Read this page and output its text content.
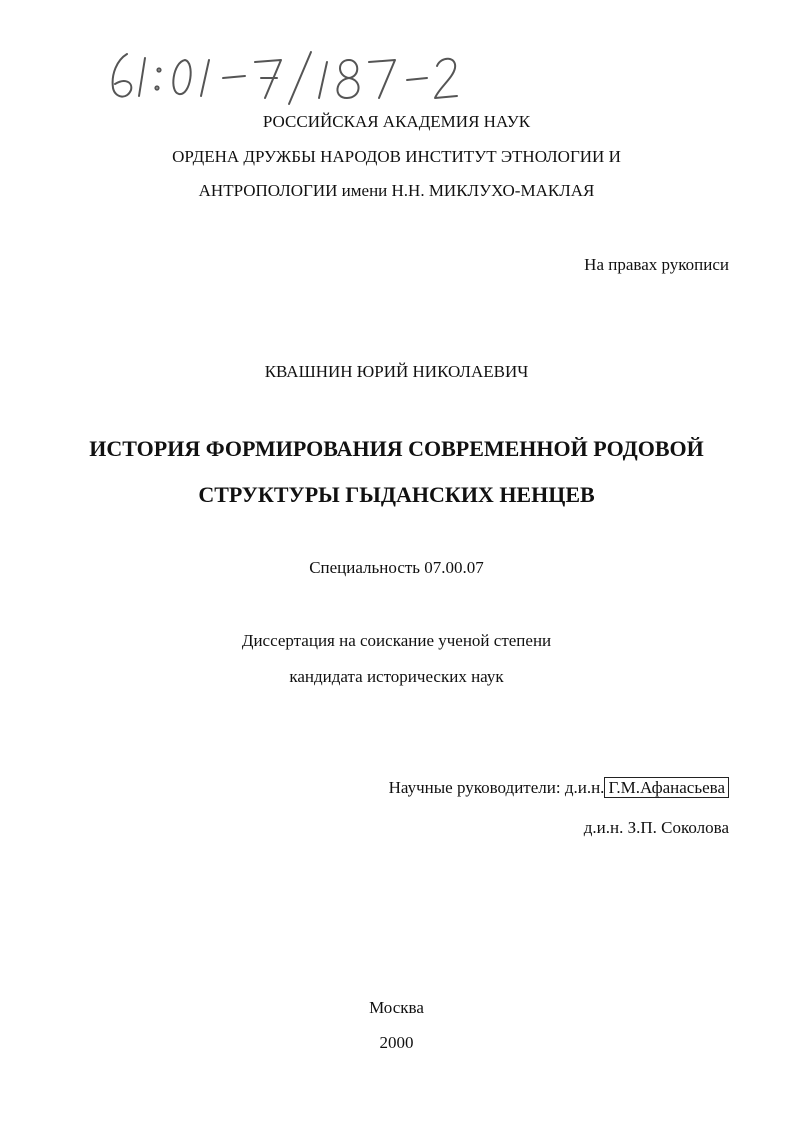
РОССИЙСКАЯ АКАДЕМИЯ НАУК
ОРДЕНА ДРУЖБЫ НАРОДОВ ИНСТИТУТ ЭТНОЛОГИИ И
АНТРОПОЛОГИИ имени Н.Н. МИКЛУХО-МАКЛАЯ
На правах рукописи
КВАШНИН ЮРИЙ НИКОЛАЕВИЧ
ИСТОРИЯ ФОРМИРОВАНИЯ СОВРЕМЕННОЙ РОДОВОЙ
СТРУКТУРЫ ГЫДАНСКИХ НЕНЦЕВ
Специальность 07.00.07
Диссертация на соискание ученой степени
кандидата исторических наук
Научные руководители: д.и.н. Г.М.Афанасьева
д.и.н. З.П. Соколова
Москва
2000
